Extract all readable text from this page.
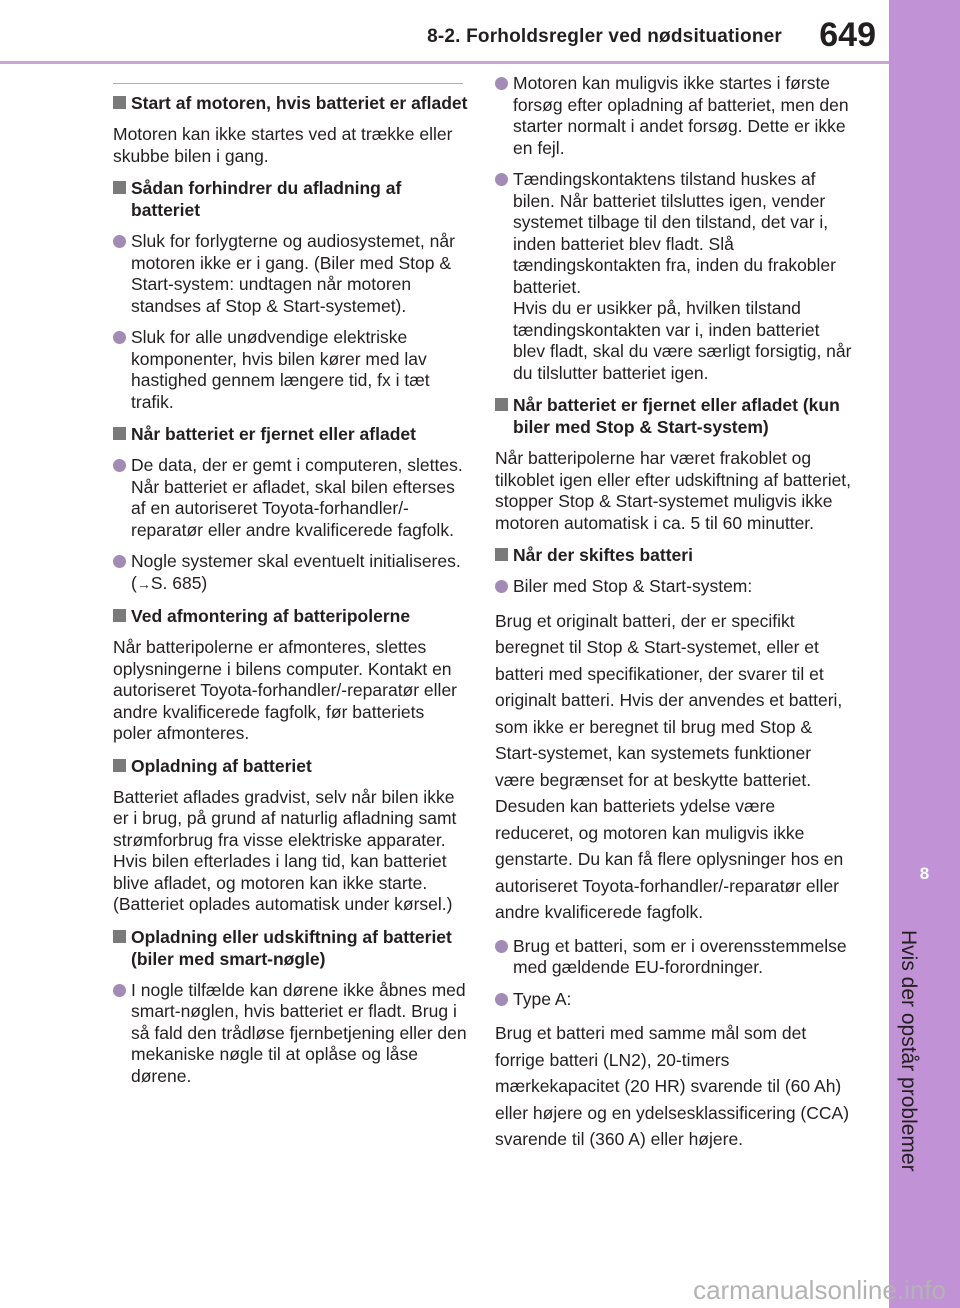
8
Hvis der opstår problemer
8-2. Forholdsregler ved nødsituationer 649
Start af motoren, hvis batteriet er afladet
Motoren kan ikke startes ved at trække eller skubbe bilen i gang.
Sådan forhindrer du afladning af batteriet
Sluk for forlygterne og audiosystemet, når motoren ikke er i gang. (Biler med Stop & Start-system: undtagen når motoren standses af Stop & Start-systemet).
Sluk for alle unødvendige elektriske komponenter, hvis bilen kører med lav hastighed gennem længere tid, fx i tæt trafik.
Når batteriet er fjernet eller afladet
De data, der er gemt i computeren, slettes. Når batteriet er afladet, skal bilen efterses af en autoriseret Toyota-forhandler/-reparatør eller andre kvalificerede fagfolk.
Nogle systemer skal eventuelt initialiseres. (→S. 685)
Ved afmontering af batteripolerne
Når batteripolerne er afmonteres, slettes oplysningerne i bilens computer. Kontakt en autoriseret Toyota-forhandler/-reparatør eller andre kvalificerede fagfolk, før batteriets poler afmonteres.
Opladning af batteriet
Batteriet aflades gradvist, selv når bilen ikke er i brug, på grund af naturlig afladning samt strømforbrug fra visse elektriske apparater. Hvis bilen efterlades i lang tid, kan batteriet blive afladet, og motoren kan ikke starte. (Batteriet oplades automatisk under kørsel.)
Opladning eller udskiftning af batteriet (biler med smart-nøgle)
I nogle tilfælde kan dørene ikke åbnes med smart-nøglen, hvis batteriet er fladt. Brug i så fald den trådløse fjernbetjening eller den mekaniske nøgle til at oplåse og låse dørene.
Motoren kan muligvis ikke startes i første forsøg efter opladning af batteriet, men den starter normalt i andet forsøg. Dette er ikke en fejl.
Tændingskontaktens tilstand huskes af bilen. Når batteriet tilsluttes igen, vender systemet tilbage til den tilstand, det var i, inden batteriet blev fladt. Slå tændingskontakten fra, inden du frakobler batteriet.
Hvis du er usikker på, hvilken tilstand tændingskontakten var i, inden batteriet blev fladt, skal du være særligt forsigtig, når du tilslutter batteriet igen.
Når batteriet er fjernet eller afladet (kun biler med Stop & Start-system)
Når batteripolerne har været frakoblet og tilkoblet igen eller efter udskiftning af batteriet, stopper Stop & Start-systemet muligvis ikke motoren automatisk i ca. 5 til 60 minutter.
Når der skiftes batteri
Biler med Stop & Start-system:
Brug et originalt batteri, der er specifikt beregnet til Stop & Start-systemet, eller et batteri med specifikationer, der svarer til et originalt batteri. Hvis der anvendes et batteri, som ikke er beregnet til brug med Stop & Start-systemet, kan systemets funktioner være begrænset for at beskytte batteriet. Desuden kan batteriets ydelse være reduceret, og motoren kan muligvis ikke genstarte. Du kan få flere oplysninger hos en autoriseret Toyota-forhandler/-reparatør eller andre kvalificerede fagfolk.
Brug et batteri, som er i overensstemmelse med gældende EU-forordninger.
Type A:
Brug et batteri med samme mål som det forrige batteri (LN2), 20-timers mærkekapacitet (20 HR) svarende til (60 Ah) eller højere og en ydelsesklassificering (CCA) svarende til (360 A) eller højere.
carmanualsonline.info
